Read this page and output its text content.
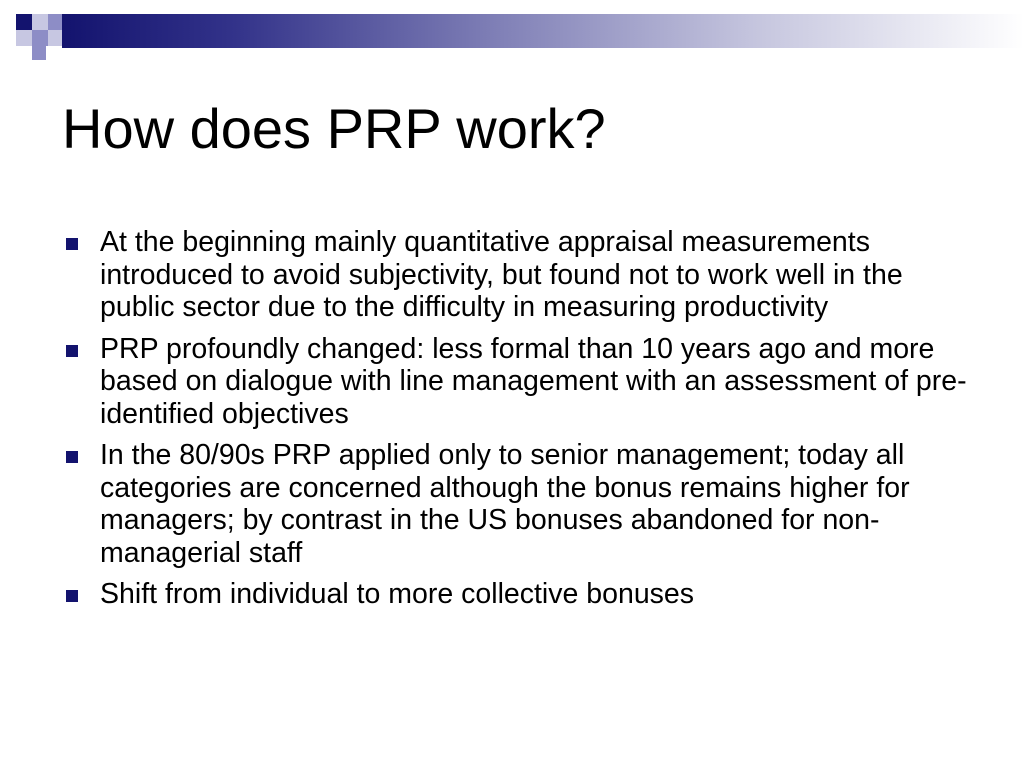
How does PRP work?
At the beginning mainly quantitative appraisal measurements introduced to avoid subjectivity, but found not to work well in the public sector due to the difficulty in measuring productivity
PRP profoundly changed: less formal than 10 years ago and more based on dialogue with line management with an assessment of pre-identified objectives
In the 80/90s PRP applied only to senior management; today all categories are concerned although the bonus remains higher for managers; by contrast in the US bonuses abandoned for non-managerial staff
Shift from individual to more collective bonuses
